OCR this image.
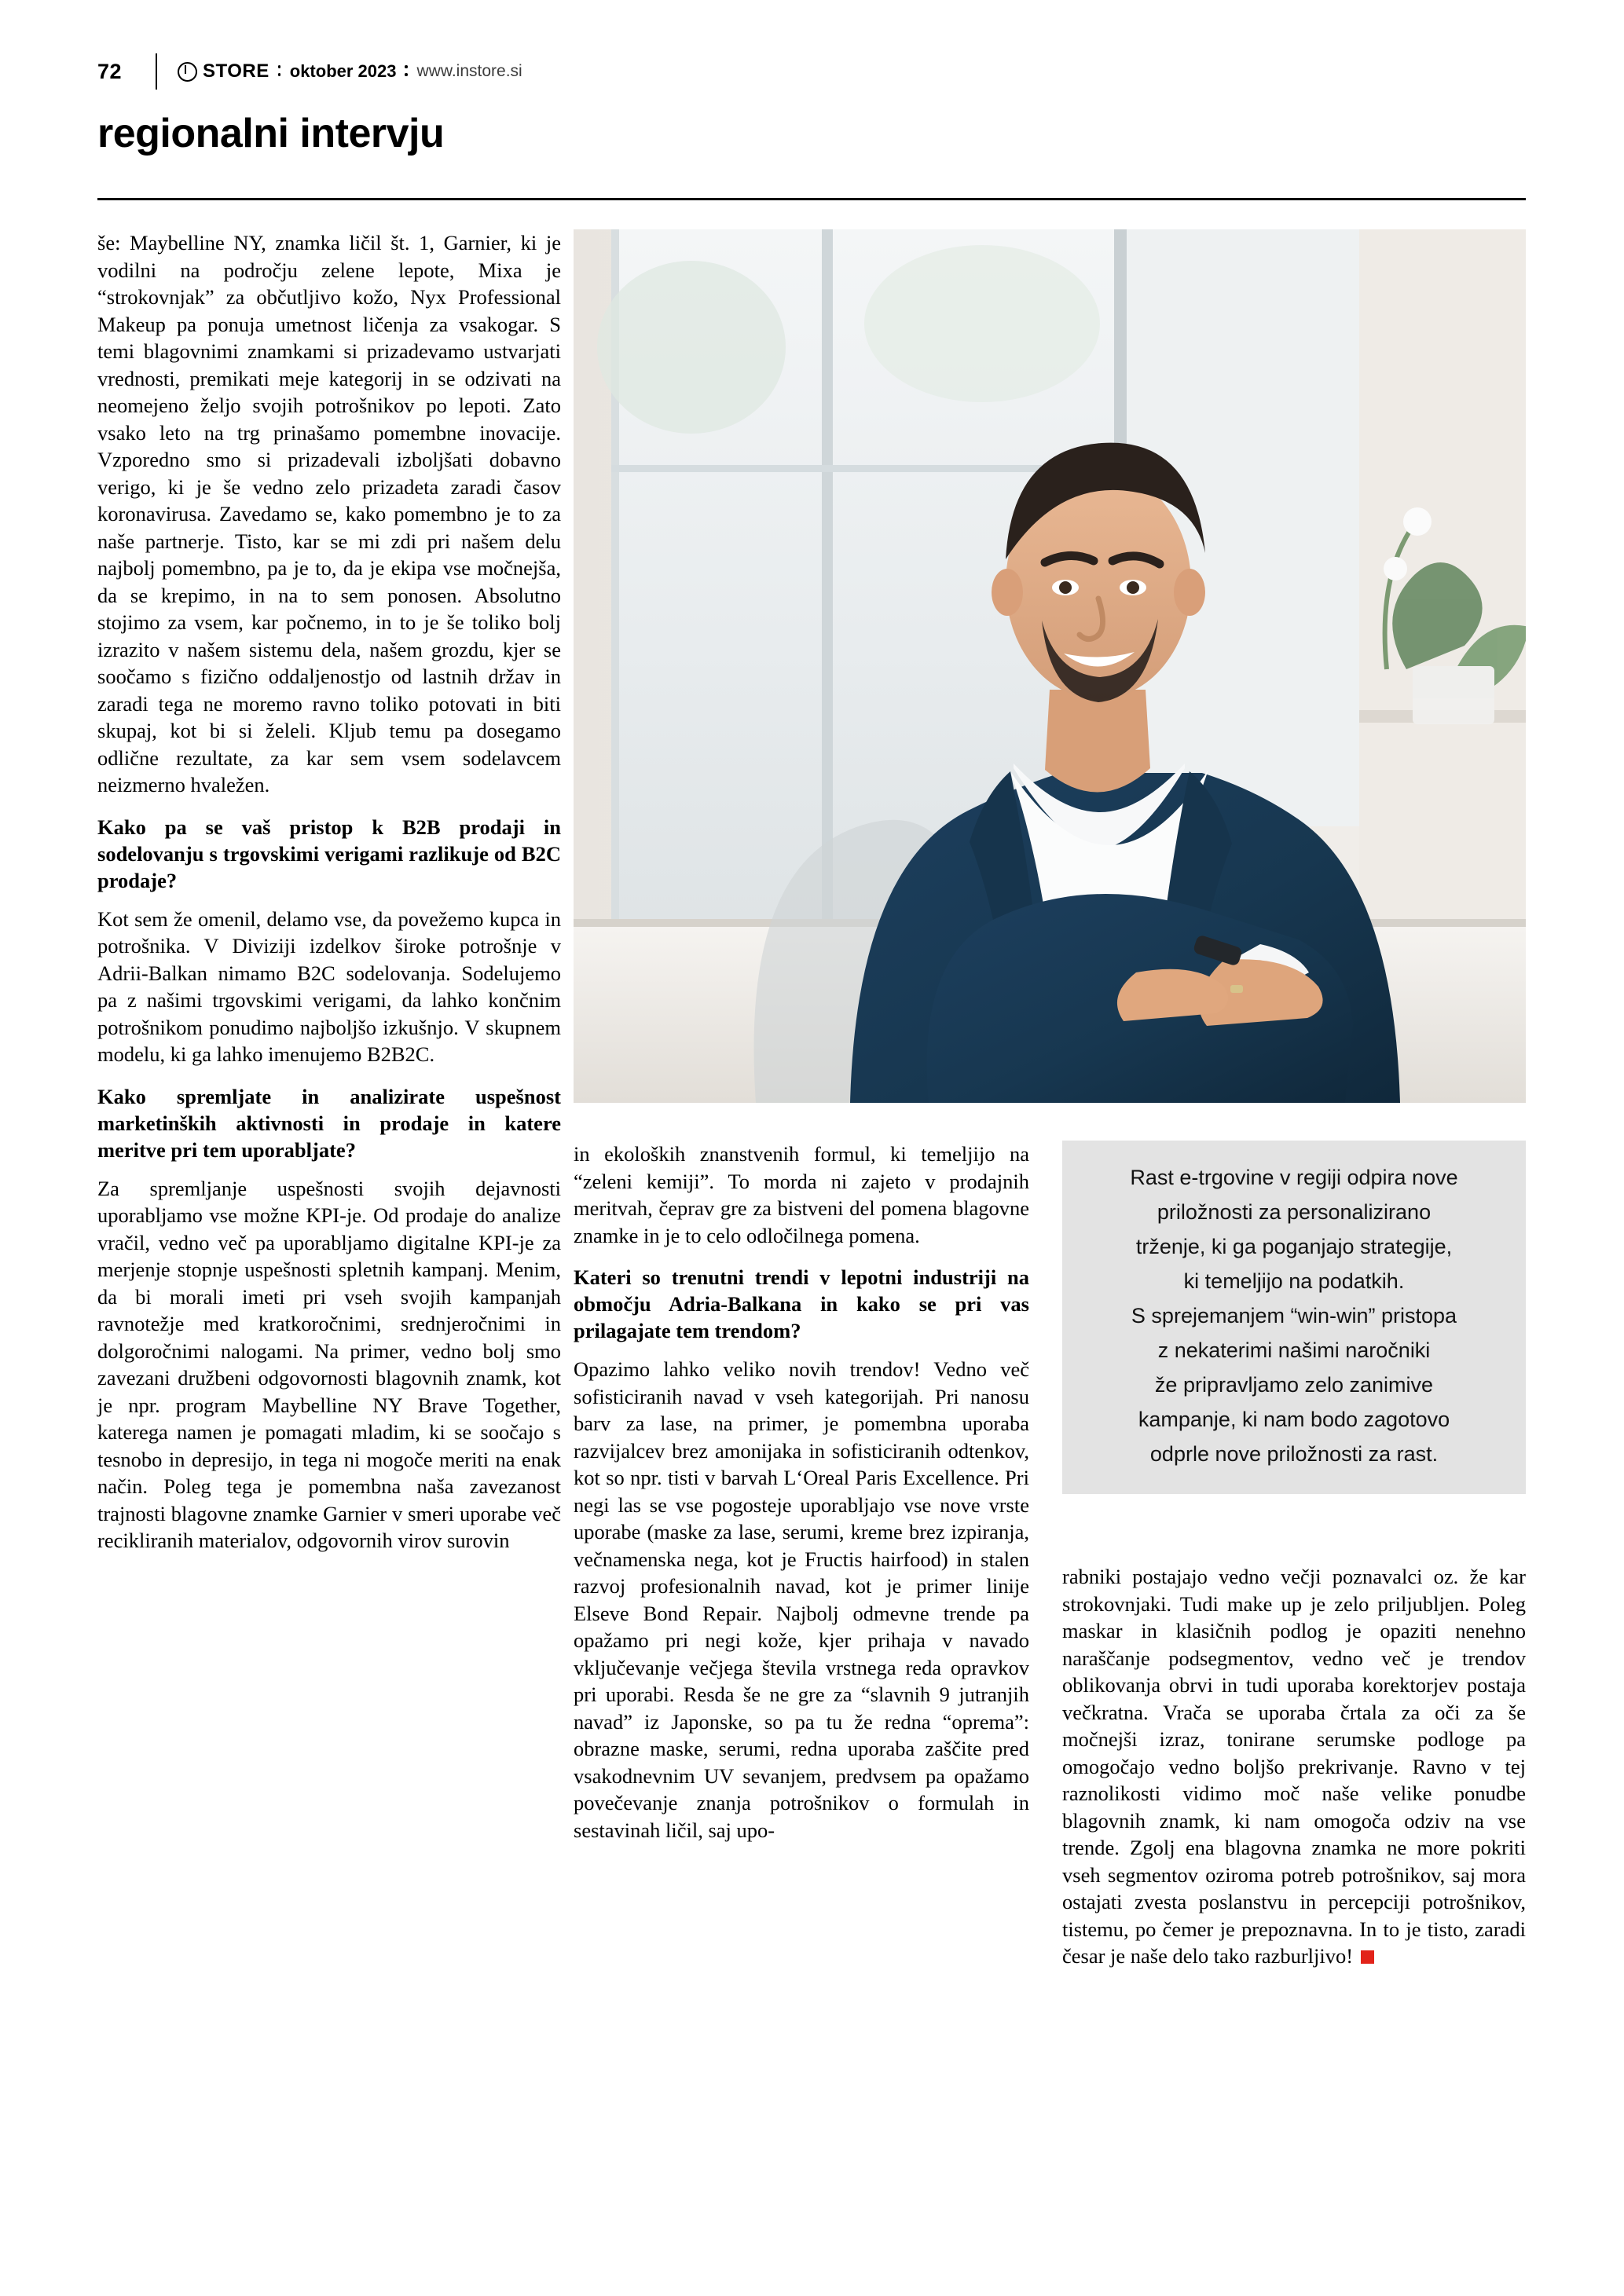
72	STORE oktober 2023 www.instore.si
regionalni intervju

še: Maybelline NY, znamka ličil št. 1, Garnier, ki je vodilni na področju zelene lepote, Mixa je “strokovnjak” za občutljivo kožo, Nyx Professional Makeup pa ponuja umetnost ličenja za vsakogar. S temi blagovnimi znamkami si prizadevamo ustvarjati vrednosti, premikati meje kategorij in se odzivati na neomejeno željo svojih potrošnikov po lepoti. Zato vsako leto na trg prinašamo pomembne inovacije. Vzporedno smo si prizadevali izboljšati dobavno verigo, ki je še vedno zelo prizadeta zaradi časov koronavirusa. Zavedamo se, kako pomembno je to za naše partnerje. Tisto, kar se mi zdi pri našem delu najbolj pomembno, pa je to, da je ekipa vse močnejša, da se krepimo, in na to sem ponosen. Absolutno stojimo za vsem, kar počnemo, in to je še toliko bolj izrazito v našem sistemu dela, našem grozdu, kjer se soočamo s fizično oddaljenostjo od lastnih držav in zaradi tega ne moremo ravno toliko potovati in biti skupaj, kot bi si želeli. Kljub temu pa dosegamo odlične rezultate, za kar sem vsem sodelavcem neizmerno hvaležen.

Kako pa se vaš pristop k B2B prodaji in sodelovanju s trgovskimi verigami razlikuje od B2C prodaje?

Kot sem že omenil, delamo vse, da povežemo kupca in potrošnika. V Diviziji izdelkov široke potrošnje v Adrii-Balkan nimamo B2C sodelovanja. Sodelujemo pa z našimi trgovskimi verigami, da lahko končnim potrošnikom ponudimo najboljšo izkušnjo. V skupnem modelu, ki ga lahko imenujemo B2B2C.

Kako spremljate in analizirate uspešnost marketinških aktivnosti in prodaje in katere meritve pri tem uporabljate?

Za spremljanje uspešnosti svojih dejavnosti uporabljamo vse možne KPI-je. Od prodaje do analize vračil, vedno več pa uporabljamo digitalne KPI-je za merjenje stopnje uspešnosti spletnih kampanj. Menim, da bi morali imeti pri vseh svojih kampanjah ravnotežje med kratkoročnimi, srednjeročnimi in dolgoročnimi nalogami. Na primer, vedno bolj smo zavezani družbeni odgovornosti blagovnih znamk, kot je npr. program Maybelline NY Brave Together, katerega namen je pomagati mladim, ki se soočajo s tesnobo in depresijo, in tega ni mogoče meriti na enak način. Poleg tega je pomembna naša zavezanost trajnosti blagovne znamke Garnier v smeri uporabe več recikliranih materialov, odgovornih virov surovin

in ekoloških znanstvenih formul, ki temeljijo na “zeleni kemiji”. To morda ni zajeto v prodajnih meritvah, čeprav gre za bistveni del pomena blagovne znamke in je to celo odločilnega pomena.

Kateri so trenutni trendi v lepotni industriji na območju Adria-Balkana in kako se pri vas prilagajate tem trendom?

Opazimo lahko veliko novih trendov! Vedno več sofisticiranih navad v vseh kategorijah. Pri nanosu barv za lase, na primer, je pomembna uporaba razvijalcev brez amonijaka in sofisticiranih odtenkov, kot so npr. tisti v barvah L‘Oreal Paris Excellence. Pri negi las se vse pogosteje uporabljajo vse nove vrste uporabe (maske za lase, serumi, kreme brez izpiranja, večnamenska nega, kot je Fructis hairfood) in stalen razvoj profesionalnih navad, kot je primer linije Elseve Bond Repair. Najbolj odmevne trende pa opažamo pri negi kože, kjer prihaja v navado vključevanje večjega števila vrstnega reda opravkov pri uporabi. Resda še ne gre za “slavnih 9 jutranjih navad” iz Japonske, so pa tu že redna “oprema”: obrazne maske, serumi, redna uporaba zaščite pred vsakodnevnim UV sevanjem, predvsem pa opažamo povečevanje znanja potrošnikov o formulah in sestavinah ličil, saj upo-

Rast e-trgovine v regiji odpira nove

priložnosti za personalizirano

trženje, ki ga poganjajo strategije,

ki temeljijo na podatkih.

S sprejemanjem “win-win” pristopa

z nekaterimi našimi naročniki

že pripravljamo zelo zanimive

kampanje, ki nam bodo zagotovo

odprle nove priložnosti za rast.

rabniki postajajo vedno večji poznavalci oz. že kar strokovnjaki. Tudi make up je zelo priljubljen. Poleg maskar in klasičnih podlog je opaziti nenehno naraščanje podsegmentov, vedno več je trendov oblikovanja obrvi in tudi uporaba korektorjev postaja večkratna. Vrača se uporaba črtala za oči za še močnejši izraz, tonirane serumske podloge pa omogočajo vedno boljšo prekrivanje. Ravno v tej raznolikosti vidimo moč naše velike ponudbe blagovnih znamk, ki nam omogoča odziv na vse trende. Zgolj ena blagovna znamka ne more pokriti vseh segmentov oziroma potreb potrošnikov, saj mora ostajati zvesta poslanstvu in percepciji potrošnikov, tistemu, po čemer je prepoznavna. In to je tisto, zaradi česar je naše delo tako razburljivo!
